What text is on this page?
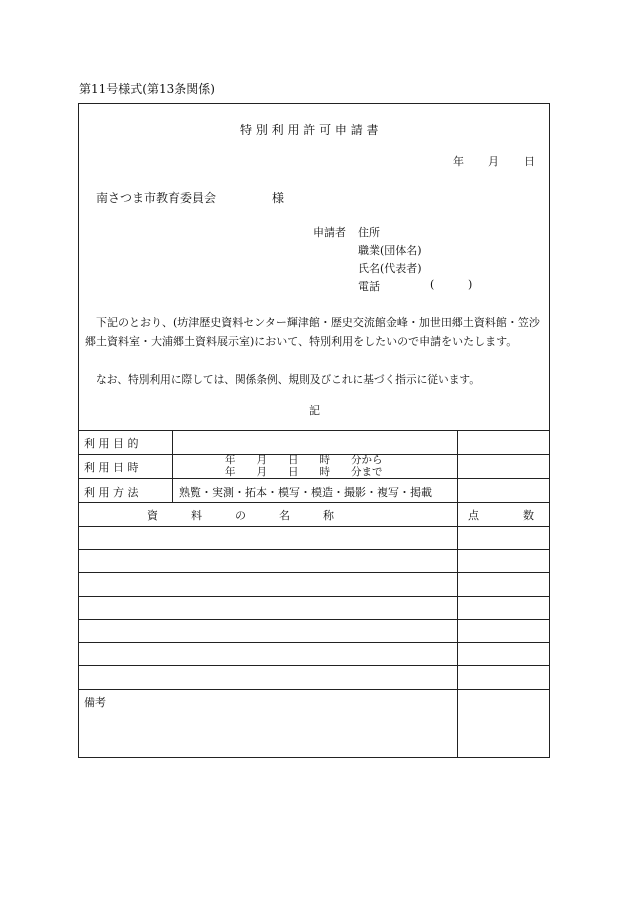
第11号様式(第13条関係)
特 別 利 用 許 可 申 請 書
年 月 日
南さつま市教育委員会	様
申請者 住所
職業(団体名)
氏名(代表者)
電話	(	)
下記のとおり、(坊津歴史資料センター輝津館・歴史交流館金峰・加世田郷土資料館・笠沙郷土資料室・大浦郷土資料展示室)において、特別利用をしたいので申請をいたします。
なお、特別利用に際しては、関係条例、規則及びこれに基づく指示に従います。
記
利 用 目 的
利 用 日 時
年　　月　　日　　時　　分から
年　　月　　日　　時　　分まで
利 用 方 法	熟覧・実測・拓本・模写・模造・撮影・複写・掲載
資　　　料　　　の　　　名　　　称	点　　　　数
備考
